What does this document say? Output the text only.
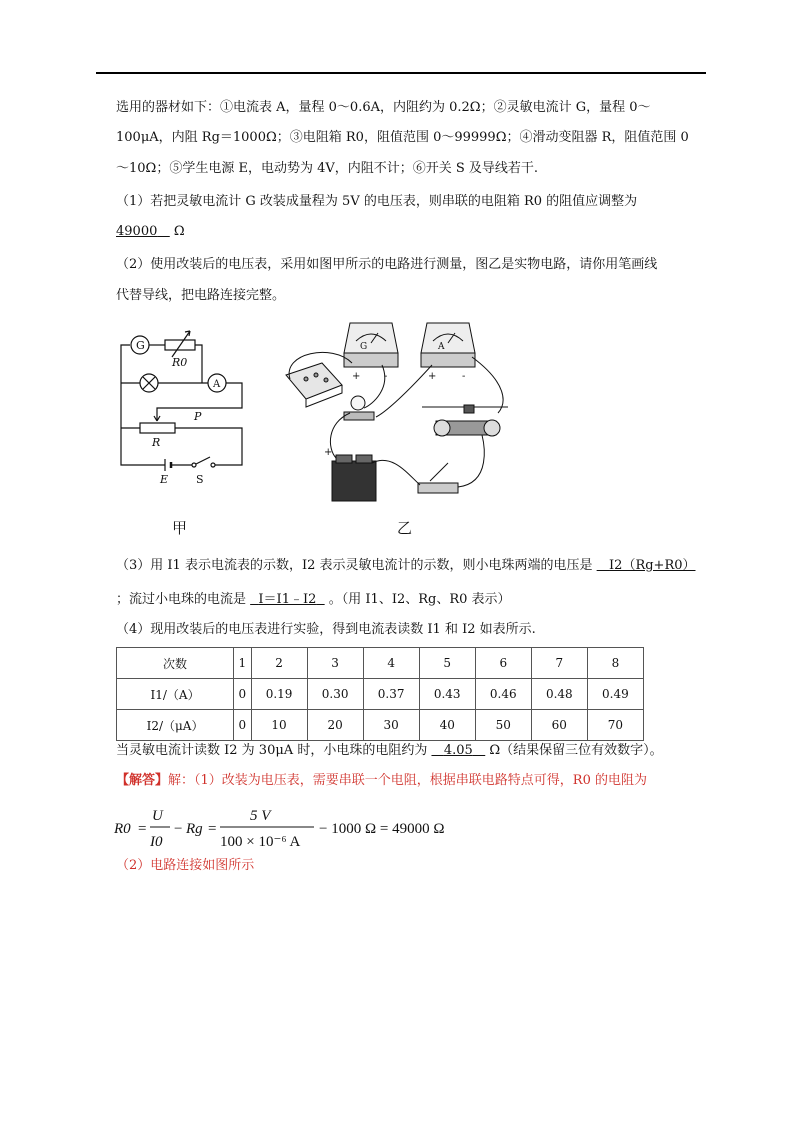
选用的器材如下：①电流表 A，量程 0～0.6A，内阻约为 0.2Ω；②灵敏电流计 G，量程 0～
100μA，内阻 Rg＝1000Ω；③电阻箱 R0，阻值范围 0～99999Ω；④滑动变阻器 R，阻值范围 0
～10Ω；⑤学生电源 E，电动势为 4V，内阻不计；⑥开关 S 及导线若干.
（1）若把灵敏电流计 G 改装成量程为 5V 的电压表，则串联的电阻箱 R0 的阻值应调整为
49000 Ω
（2）使用改装后的电压表，采用如图甲所示的电路进行测量，图乙是实物电路，请你用笔画线
代替导线，把电路连接完整。
G
A
R0
P
R
E	S
G	A
+ -	+	-
+
甲	乙
（3）用 I1 表示电流表的示数，I2 表示灵敏电流计的示数，则小电珠两端的电压是 I2（Rg+R0）
；流过小电珠的电流是 I＝I1﹣I2 。（用 I1、I2、Rg、R0 表示）
（4）现用改装后的电压表进行实验，得到电流表读数 I1 和 I2 如表所示.
次数	1	2	3	4	5	6	7	8
I1/（A）	0	0.19	0.30	0.37	0.43	0.46	0.48	0.49
I2/（μA）	0	10	20	30	40	50	60	70
当灵敏电流计读数 I2 为 30μA 时，小电珠的电阻约为 4.05 Ω（结果保留三位有效数字）。
【解答】解：（1）改装为电压表，需要串联一个电阻，根据串联电路特点可得，R0 的电阻为
R0 =
U
I0
− Rg =
5 V
100 × 10⁻⁶ A
− 1000 Ω = 49000 Ω
（2）电路连接如图所示
